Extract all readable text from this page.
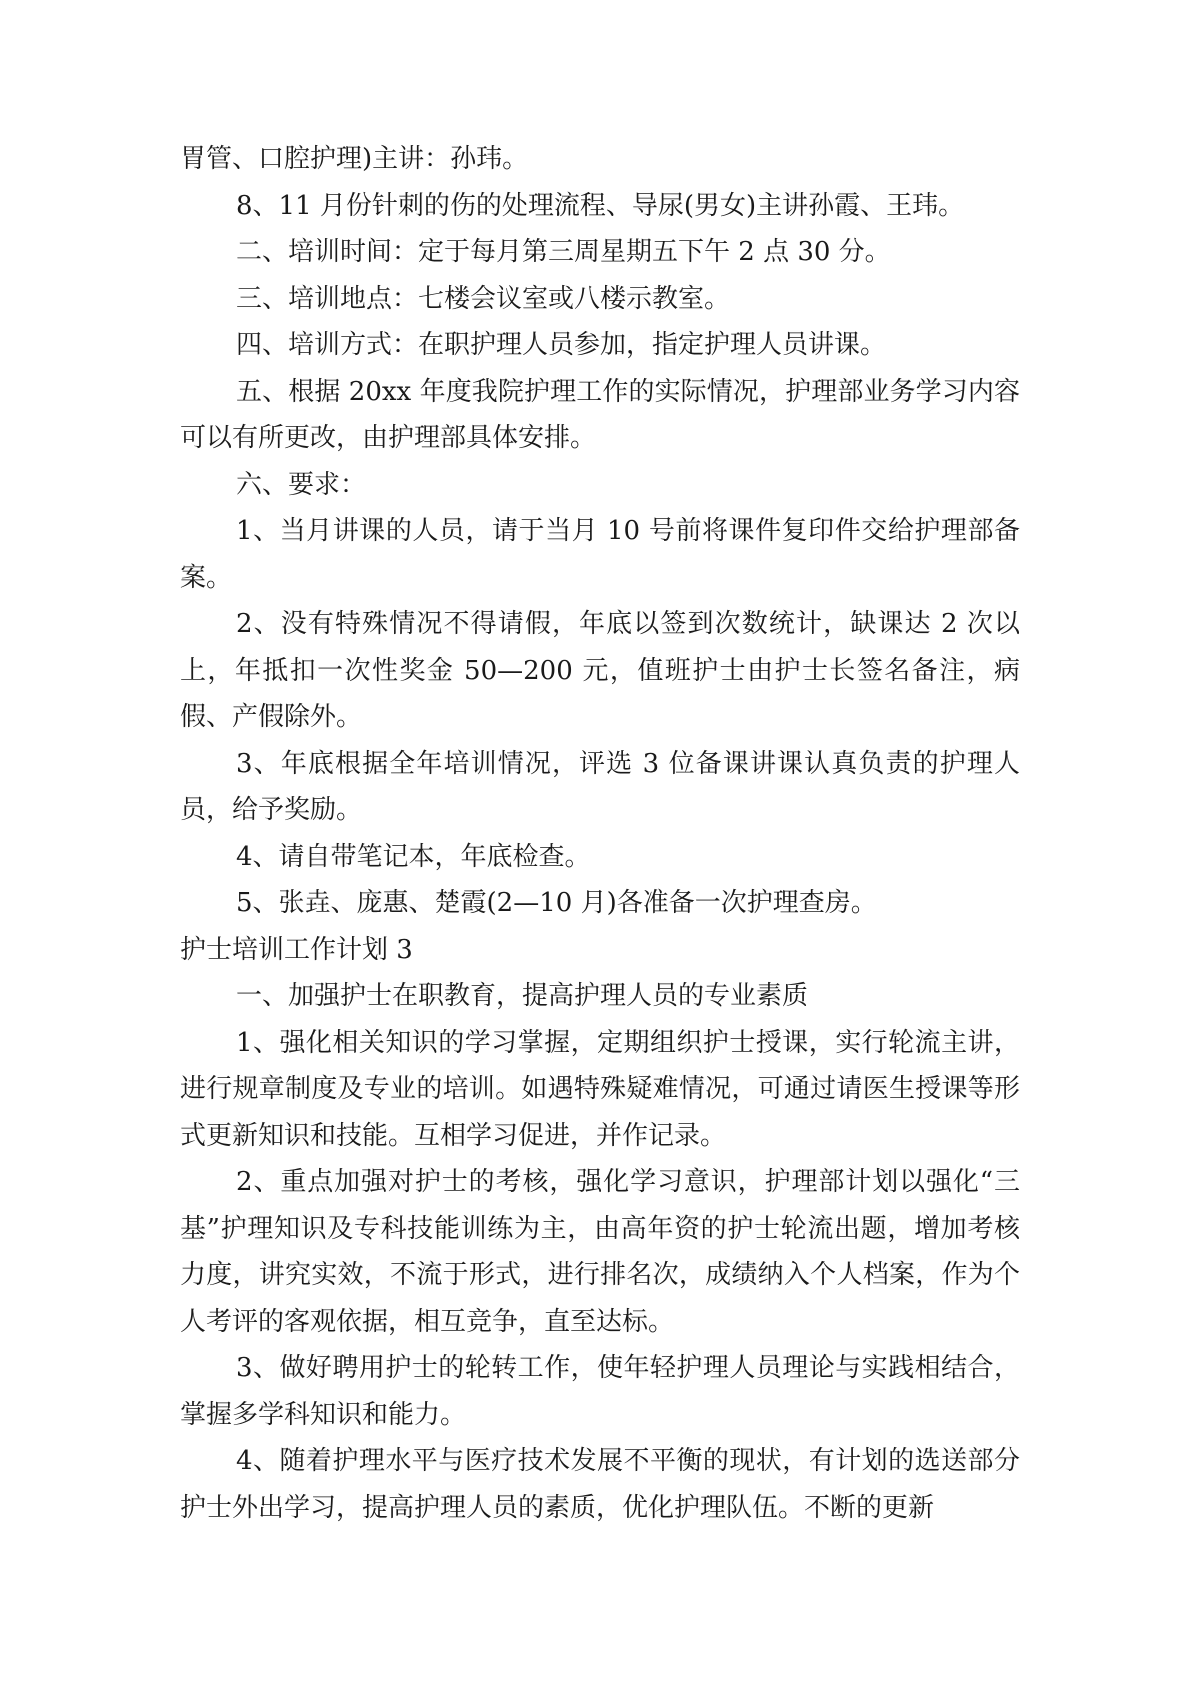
胃管、口腔护理)主讲：孙玮。

8、11 月份针刺的伤的处理流程、导尿(男女)主讲孙霞、王玮。

二、培训时间：定于每月第三周星期五下午 2 点 30 分。

三、培训地点：七楼会议室或八楼示教室。

四、培训方式：在职护理人员参加，指定护理人员讲课。

五、根据 20xx 年度我院护理工作的实际情况，护理部业务学习内容可以有所更改，由护理部具体安排。

六、要求：

1、当月讲课的人员，请于当月 10 号前将课件复印件交给护理部备案。

2、没有特殊情况不得请假，年底以签到次数统计，缺课达 2 次以上，年抵扣一次性奖金 50—200 元，值班护士由护士长签名备注，病假、产假除外。

3、年底根据全年培训情况，评选 3 位备课讲课认真负责的护理人员，给予奖励。

4、请自带笔记本，年底检查。

5、张垚、庞惠、楚霞(2—10 月)各准备一次护理查房。

护士培训工作计划 3

一、加强护士在职教育，提高护理人员的专业素质

1、强化相关知识的学习掌握，定期组织护士授课，实行轮流主讲，进行规章制度及专业的培训。如遇特殊疑难情况，可通过请医生授课等形式更新知识和技能。互相学习促进，并作记录。

2、重点加强对护士的考核，强化学习意识，护理部计划以强化“三基”护理知识及专科技能训练为主，由高年资的护士轮流出题，增加考核力度，讲究实效，不流于形式，进行排名次，成绩纳入个人档案，作为个人考评的客观依据，相互竞争，直至达标。

3、做好聘用护士的轮转工作，使年轻护理人员理论与实践相结合，掌握多学科知识和能力。

4、随着护理水平与医疗技术发展不平衡的现状，有计划的选送部分护士外出学习，提高护理人员的素质，优化护理队伍。不断的更新
